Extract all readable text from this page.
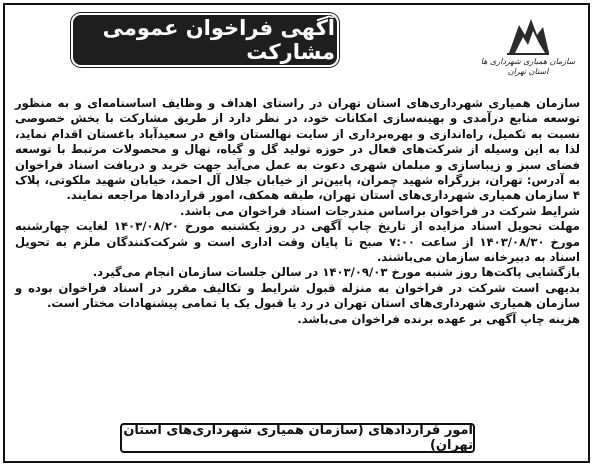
آگهی فراخوان عمومی مشارکت	سازمان همیاری شهرداری ها
استان تهران

سازمان همیاری شهرداری‌های استان تهران در راستای اهداف و وظایف اساسنامه‌ای و به منظور توسعه منابع درآمدی و بهینه‌سازی امکانات خود، در نظر دارد از طریق مشارکت با بخش خصوصی نسبت به تکمیل، راه‌اندازی و بهره‌برداری از سایت نهالستان واقع در سعیدآباد باغستان اقدام نماید، لذا به این وسیله از شرکت‌های فعال در حوزه تولید گل و گیاه، نهال و محصولات مرتبط با توسعه فضای سبز و زیباسازی و مبلمان شهری دعوت به عمل می‌آید جهت خرید و دریافت اسناد فراخوان به آدرس: تهران، بزرگراه شهید چمران، پایین‌تر از خیابان جلال آل احمد، خیابان شهید ملکوتی، پلاک ۴ سازمان همیاری شهرداری‌های استان تهران، طبقه همکف، امور قراردادها مراجعه نمایند.

شرایط شرکت در فراخوان براساس مندرجات اسناد فراخوان می باشد.

مهلت تحویل اسناد مزایده از تاریخ چاپ آگهی در روز یکشنبه مورخ ۱۴۰۳/۰۸/۲۰ لغایت چهارشنبه مورخ ۱۴۰۳/۰۸/۳۰ از ساعت ۷:۰۰ صبح تا پایان وقت اداری است و شرکت‌کنندگان ملزم به تحویل اسناد به دبیرخانه سازمان می‌باشند.

بازگشایی پاکت‌ها روز شنبه مورخ ۱۴۰۳/۰۹/۰۳ در سالن جلسات سازمان انجام می‌گیرد.

بدیهی است شرکت در فراخوان به منزله قبول شرایط و تکالیف مقرر در اسناد فراخوان بوده و سازمان همیاری شهرداری‌های استان تهران در رد یا قبول یک یا تمامی پیشنهادات مختار است.

هزینه چاپ آگهی بر عهده برنده فراخوان می‌باشد.

امور قراردادهای (سازمان همیاری شهرداری‌های استان تهران)
